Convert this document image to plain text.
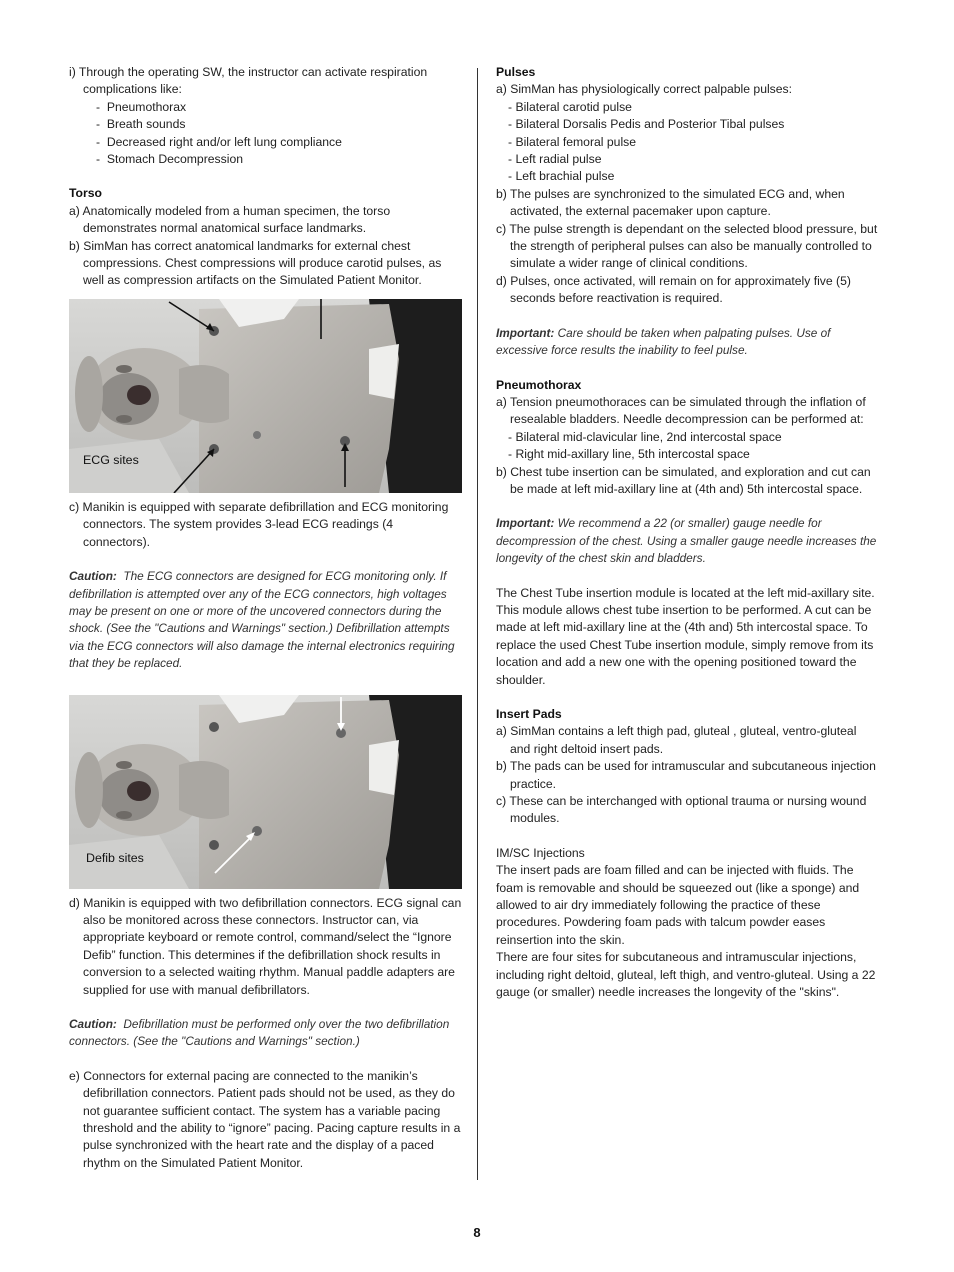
i) Through the operating SW, the instructor can activate respiration complications like:

-  Pneumothorax

-  Breath sounds

-  Decreased right and/or left lung compliance

-  Stomach Decompression

Torso

a) Anatomically modeled from a human specimen, the torso demonstrates normal anatomical surface landmarks.

b) SimMan has correct anatomical landmarks for external chest compressions. Chest compressions will produce carotid pulses, as well as compression artifacts on the Simulated Patient Monitor.

ECG sites

c) Manikin is equipped with separate defibrillation and ECG monitoring connectors. The system provides 3-lead ECG readings (4 connectors).

Caution: The ECG connectors are designed for ECG monitoring only. If defibrillation is attempted over any of the ECG connectors, high voltages may be present on one or more of the uncovered connectors during the shock. (See the "Cautions and Warnings" section.) Defibrillation attempts via the ECG connectors will also damage the internal electronics requiring that they be replaced.

Defib sites

d) Manikin is equipped with two defibrillation connectors. ECG signal can also be monitored across these connectors. Instructor can, via appropriate keyboard or remote control, command/select the “Ignore Defib” function. This determines if the defibrillation shock results in conversion to a selected waiting rhythm. Manual paddle adapters are supplied for use with manual defibrillators.

Caution: Defibrillation must be performed only over the two defibrillation connectors. (See the "Cautions and Warnings" section.)

e) Connectors for external pacing are connected to the manikin’s defibrillation connectors. Patient pads should not be used, as they do not guarantee sufficient contact. The system has a variable pacing threshold and the ability to “ignore” pacing. Pacing capture results in a pulse synchronized with the heart rate and the display of a paced rhythm on the Simulated Patient Monitor.

Pulses

a) SimMan has physiologically correct palpable pulses:

- Bilateral carotid pulse

- Bilateral Dorsalis Pedis and Posterior Tibal pulses

- Bilateral femoral pulse

- Left radial pulse

- Left brachial pulse

b) The pulses are synchronized to the simulated ECG and, when activated, the external pacemaker upon capture.

c) The pulse strength is dependant on the selected blood pressure, but the strength of peripheral pulses can also be manually controlled to simulate a wider range of clinical conditions.

d) Pulses, once activated, will remain on for approximately five (5) seconds before reactivation is required.

Important: Care should be taken when palpating pulses. Use of excessive force results the inability to feel pulse.

Pneumothorax

a) Tension pneumothoraces can be simulated through the inflation of resealable bladders. Needle decompression can be performed at:

- Bilateral mid-clavicular line, 2nd intercostal space

- Right mid-axillary line, 5th intercostal space

b) Chest tube insertion can be simulated, and exploration and cut can be made at left mid-axillary line at (4th and) 5th intercostal space.

Important: We recommend a 22 (or smaller) gauge needle for decompression of the chest. Using a smaller gauge needle increases the longevity of the chest skin and bladders.

The Chest Tube insertion module is located at the left mid-axillary site. This module allows chest tube insertion to be performed. A cut can be made at left mid-axillary line at the (4th and) 5th intercostal space. To replace the used Chest Tube insertion module, simply remove from its location and add a new one with the opening positioned toward the shoulder.

Insert Pads

a) SimMan contains a left thigh pad, gluteal , gluteal, ventro-gluteal and right deltoid insert pads.

b) The pads can be used for intramuscular and subcutaneous injection practice.

c) These can be interchanged with optional trauma or nursing wound modules.

IM/SC Injections

The insert pads are foam filled and can be injected with fluids. The foam is removable and should be squeezed out (like a sponge) and allowed to air dry immediately following the practice of these procedures. Powdering foam pads with talcum powder eases reinsertion into the skin.

There are four sites for subcutaneous and intramuscular injections, including right deltoid, gluteal, left thigh, and ventro-gluteal. Using a 22 gauge (or smaller) needle increases the longevity of the "skins".

8
